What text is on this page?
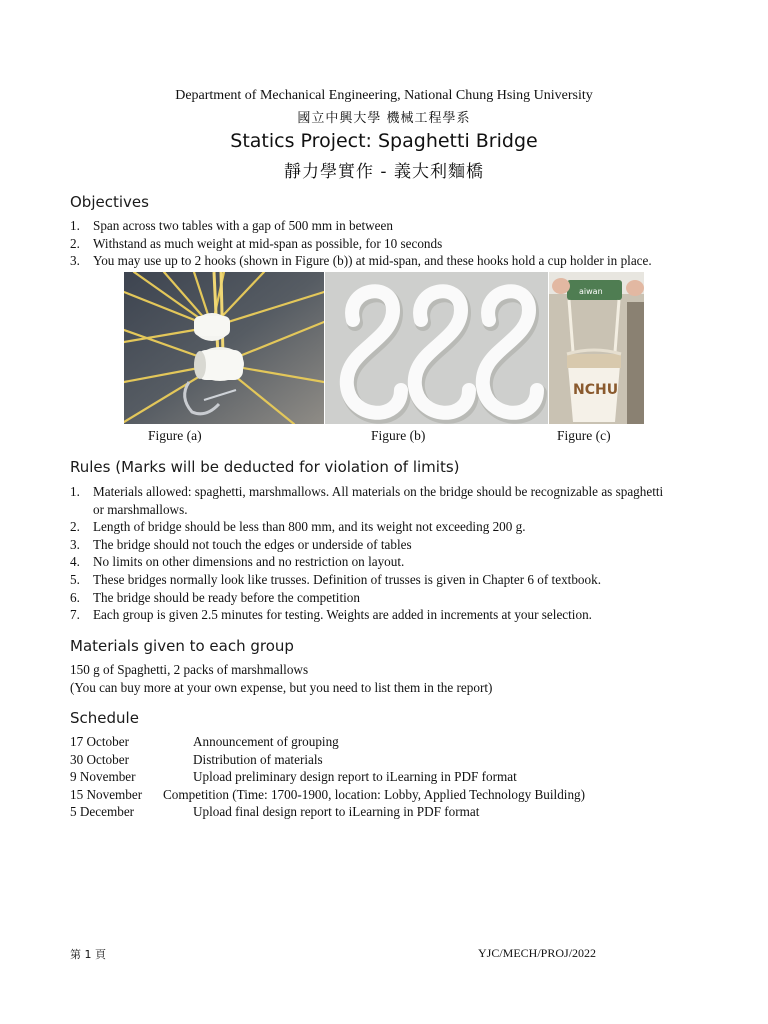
Department of Mechanical Engineering, National Chung Hsing University
國立中興大學 機械工程學系
Statics Project: Spaghetti Bridge
靜力學實作 - 義大利麵橋
Objectives
1. Span across two tables with a gap of 500 mm in between
2. Withstand as much weight at mid-span as possible, for 10 seconds
3. You may use up to 2 hooks (shown in Figure (b)) at mid-span, and these hooks hold a cup holder in place.
aiwan
NCHU
Figure (a)	Figure (b)	Figure (c)
Rules (Marks will be deducted for violation of limits)
1. Materials allowed: spaghetti, marshmallows. All materials on the bridge should be recognizable as spaghetti or marshmallows.
2. Length of bridge should be less than 800 mm, and its weight not exceeding 200 g.
3. The bridge should not touch the edges or underside of tables
4. No limits on other dimensions and no restriction on layout.
5. These bridges normally look like trusses. Definition of trusses is given in Chapter 6 of textbook.
6. The bridge should be ready before the competition
7. Each group is given 2.5 minutes for testing. Weights are added in increments at your selection.
Materials given to each group
150 g of Spaghetti, 2 packs of marshmallows
(You can buy more at your own expense, but you need to list them in the report)
Schedule
17 October	Announcement of grouping
30 October	Distribution of materials
9 November	Upload preliminary design report to iLearning in PDF format
15 November Competition (Time: 1700-1900, location: Lobby, Applied Technology Building)
5 December	Upload final design report to iLearning in PDF format
第 1 頁	YJC/MECH/PROJ/2022
